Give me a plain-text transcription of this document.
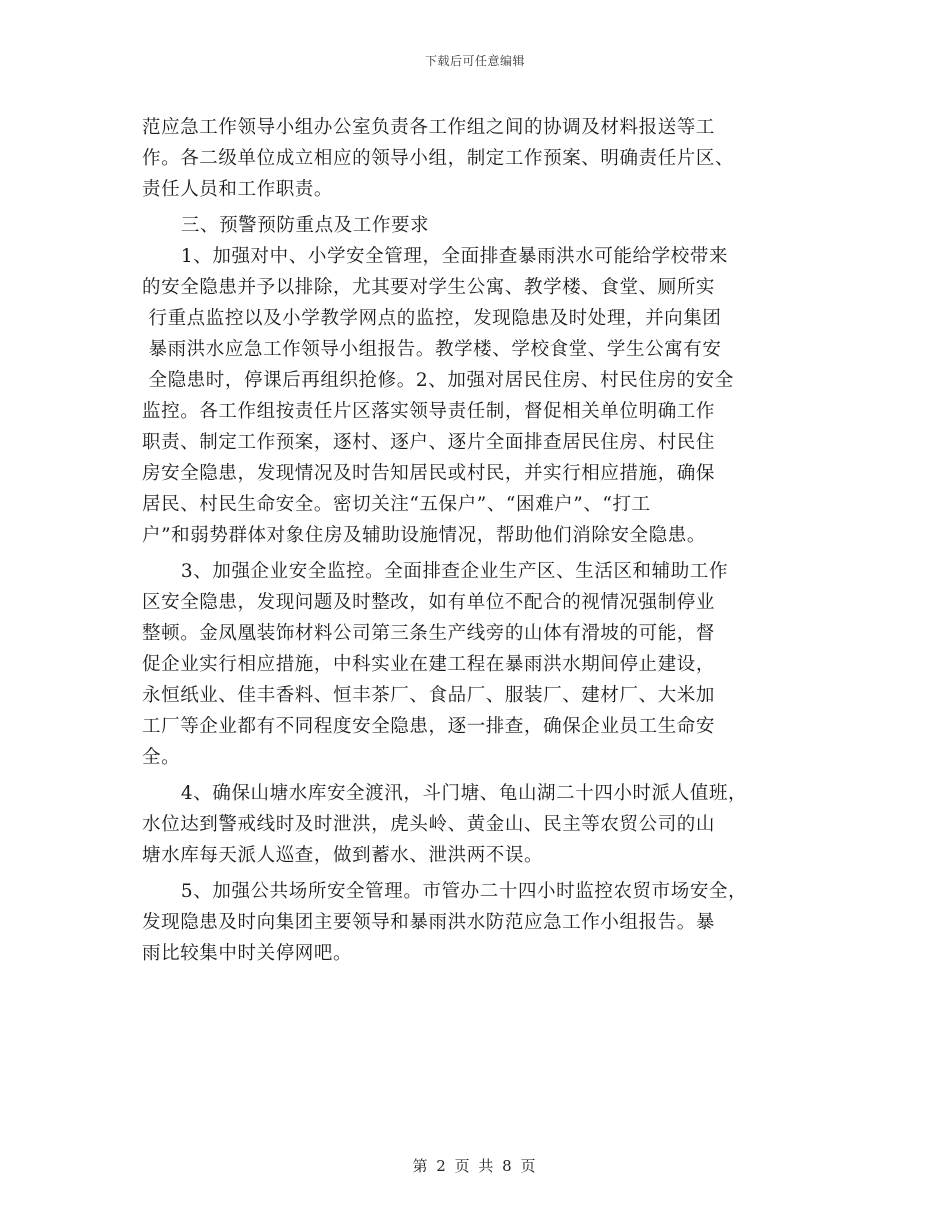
下载后可任意编辑
范应急工作领导小组办公室负责各工作组之间的协调及材料报送等工
作。各二级单位成立相应的领导小组，制定工作预案、明确责任片区、
责任人员和工作职责。
三、预警预防重点及工作要求
1、加强对中、小学安全管理，全面排查暴雨洪水可能给学校带来
的安全隐患并予以排除，尤其要对学生公寓、教学楼、食堂、厕所实
行重点监控以及小学教学网点的监控，发现隐患及时处理，并向集团
暴雨洪水应急工作领导小组报告。教学楼、学校食堂、学生公寓有安
全隐患时，停课后再组织抢修。2、加强对居民住房、村民住房的安全
监控。各工作组按责任片区落实领导责任制，督促相关单位明确工作
职责、制定工作预案，逐村、逐户、逐片全面排查居民住房、村民住
房安全隐患，发现情况及时告知居民或村民，并实行相应措施，确保
居民、村民生命安全。密切关注“五保户”、“困难户”、“打工
户”和弱势群体对象住房及辅助设施情况，帮助他们消除安全隐患。
3、加强企业安全监控。全面排查企业生产区、生活区和辅助工作
区安全隐患，发现问题及时整改，如有单位不配合的视情况强制停业
整顿。金凤凰装饰材料公司第三条生产线旁的山体有滑坡的可能，督
促企业实行相应措施，中科实业在建工程在暴雨洪水期间停止建设，
永恒纸业、佳丰香料、恒丰茶厂、食品厂、服装厂、建材厂、大米加
工厂等企业都有不同程度安全隐患，逐一排查，确保企业员工生命安
全。
4、确保山塘水库安全渡汛，斗门塘、龟山湖二十四小时派人值班，
水位达到警戒线时及时泄洪，虎头岭、黄金山、民主等农贸公司的山
塘水库每天派人巡查，做到蓄水、泄洪两不误。
5、加强公共场所安全管理。市管办二十四小时监控农贸市场安全，
发现隐患及时向集团主要领导和暴雨洪水防范应急工作小组报告。暴
雨比较集中时关停网吧。
第 2 页 共 8 页
